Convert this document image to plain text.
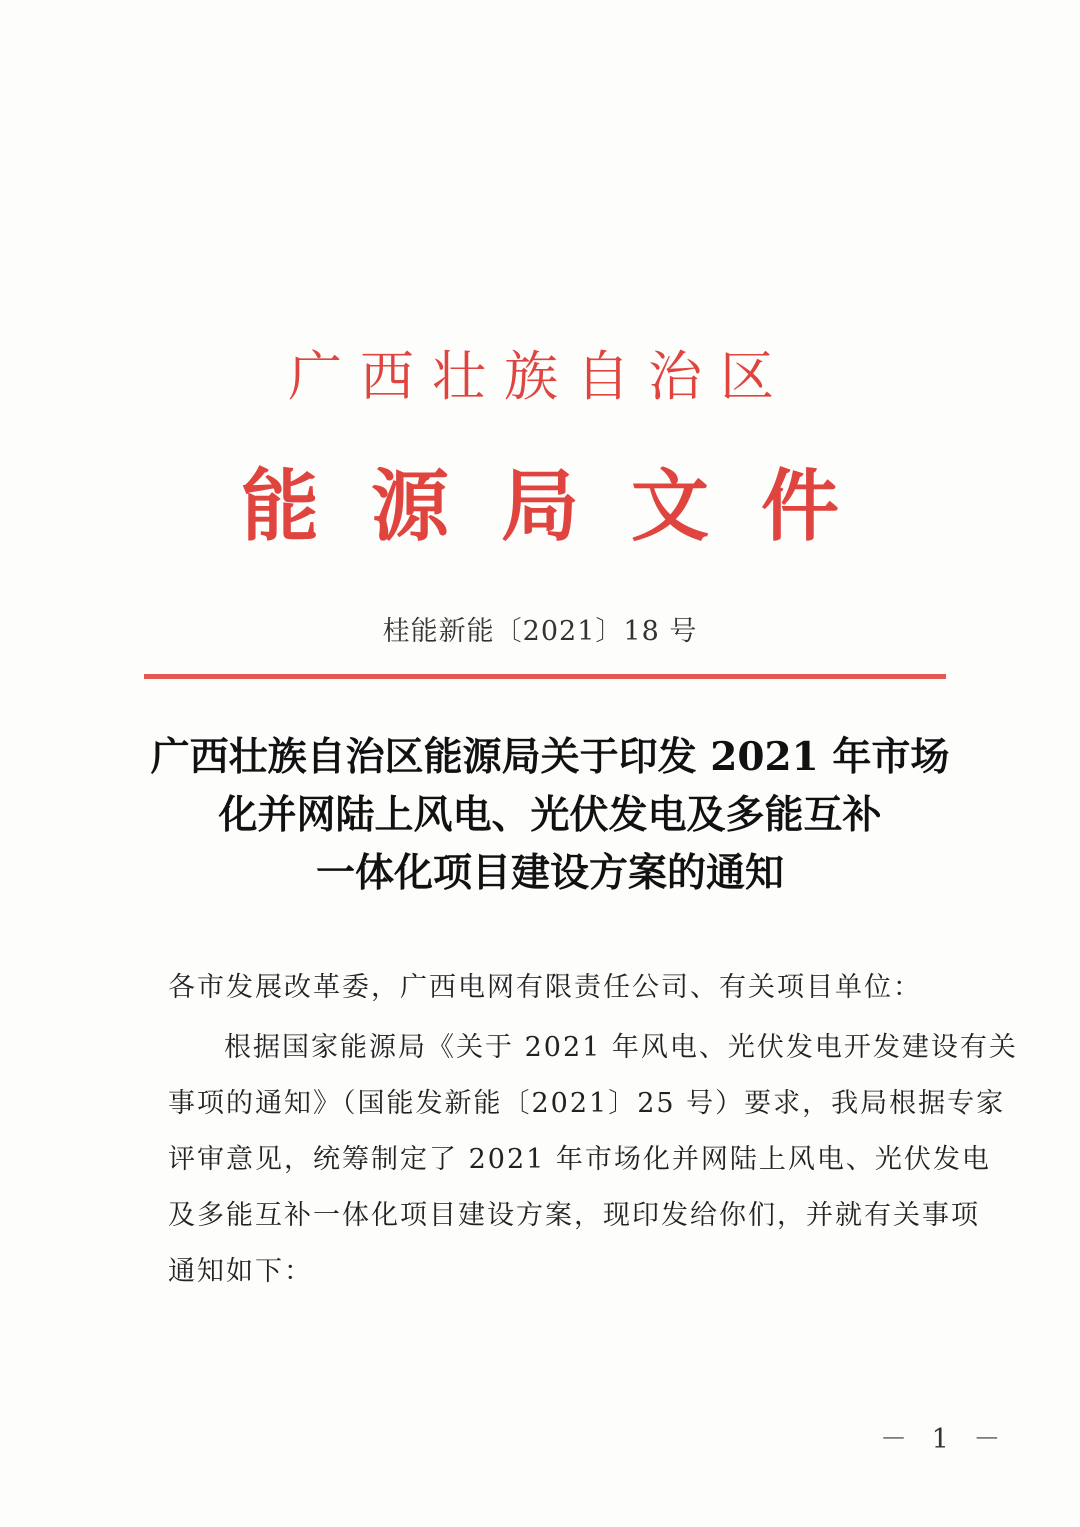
广西壮族自治区
能源局文件
桂能新能〔2021〕18 号
广西壮族自治区能源局关于印发 2021 年市场
化并网陆上风电、光伏发电及多能互补
一体化项目建设方案的通知
各市发展改革委，广西电网有限责任公司、有关项目单位：
根据国家能源局《关于 2021 年风电、光伏发电开发建设有关
事项的通知》（国能发新能〔2021〕25 号）要求，我局根据专家
评审意见，统筹制定了 2021 年市场化并网陆上风电、光伏发电
及多能互补一体化项目建设方案，现印发给你们，并就有关事项
通知如下：
－ 1 －
